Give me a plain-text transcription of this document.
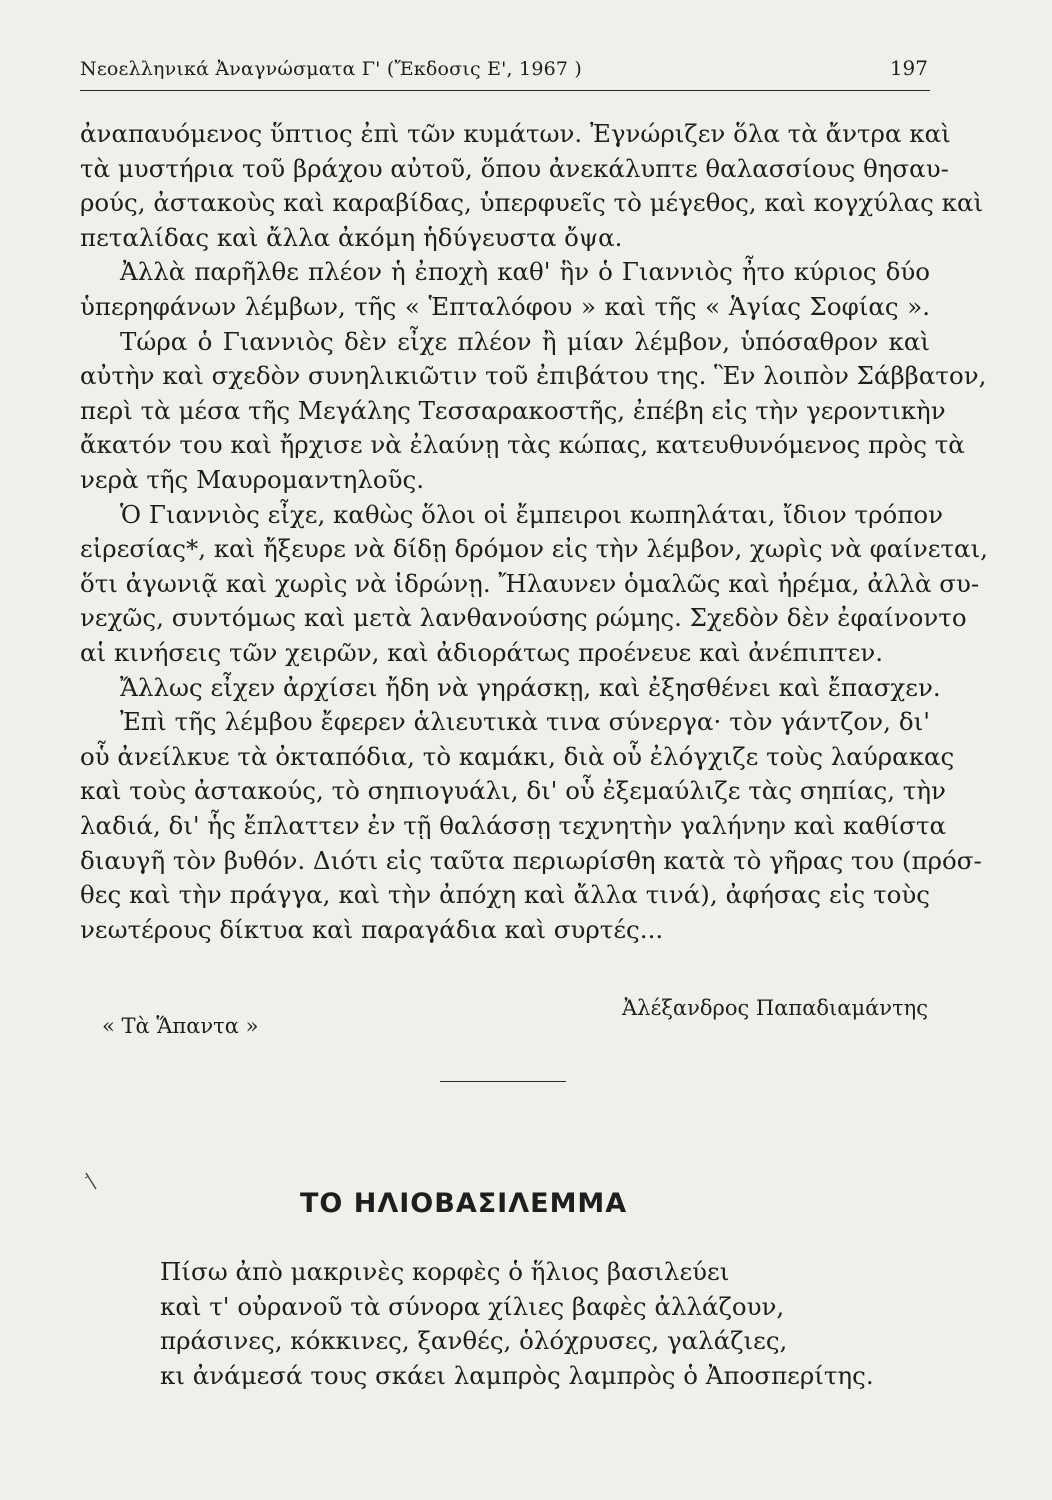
Νεοελληνικά Ἀναγνώσματα Γ' (Ἔκδοσις Ε', 1967 )	197
ἀναπαυόμενος ὕπτιος ἐπὶ τῶν κυμάτων. Ἐγνώριζεν ὅλα τὰ ἄντρα καὶ
τὰ μυστήρια τοῦ βράχου αὐτοῦ, ὅπου ἀνεκάλυπτε θαλασσίους θησαυ-
ρούς, ἀστακοὺς καὶ καραβίδας, ὑπερφυεῖς τὸ μέγεθος, καὶ κογχύλας καὶ
πεταλίδας καὶ ἄλλα ἀκόμη ἡδύγευστα ὄψα.
Ἀλλὰ παρῆλθε πλέον ἡ ἐποχὴ καθ' ἣν ὁ Γιαννιὸς ἦτο κύριος δύο
ὑπερηφάνων λέμβων, τῆς « Ἑπταλόφου » καὶ τῆς « Ἁγίας Σοφίας ».
Τώρα ὁ Γιαννιὸς δὲν εἶχε πλέον ἢ μίαν λέμβον, ὑπόσαθρον καὶ
αὐτὴν καὶ σχεδὸν συνηλικιῶτιν τοῦ ἐπιβάτου της. Ἓν λοιπὸν Σάββατον,
περὶ τὰ μέσα τῆς Μεγάλης Τεσσαρακοστῆς, ἐπέβη εἰς τὴν γεροντικὴν
ἄκατόν του καὶ ἤρχισε νὰ ἐλαύνῃ τὰς κώπας, κατευθυνόμενος πρὸς τὰ
νερὰ τῆς Μαυρομαντηλοῦς.
Ὁ Γιαννιὸς εἶχε, καθὼς ὅλοι οἱ ἔμπειροι κωπηλάται, ἴδιον τρόπον
εἰρεσίας*, καὶ ἤξευρε νὰ δίδῃ δρόμον εἰς τὴν λέμβον, χωρὶς νὰ φαίνεται,
ὅτι ἀγωνιᾷ καὶ χωρὶς νὰ ἱδρώνῃ. Ἤλαυνεν ὁμαλῶς καὶ ἠρέμα, ἀλλὰ συ-
νεχῶς, συντόμως καὶ μετὰ λανθανούσης ρώμης. Σχεδὸν δὲν ἐφαίνοντο
αἱ κινήσεις τῶν χειρῶν, καὶ ἀδιοράτως προένευε καὶ ἀνέπιπτεν.
Ἄλλως εἶχεν ἀρχίσει ἤδη νὰ γηράσκῃ, καὶ ἐξησθένει καὶ ἔπασχεν.
Ἐπὶ τῆς λέμβου ἔφερεν ἁλιευτικὰ τινα σύνεργα· τὸν γάντζον, δι'
οὗ ἀνείλκυε τὰ ὀκταπόδια, τὸ καμάκι, διὰ οὗ ἐλόγχιζε τοὺς λαύρακας
καὶ τοὺς ἀστακούς, τὸ σηπιογυάλι, δι' οὗ ἐξεμαύλιζε τὰς σηπίας, τὴν
λαδιά, δι' ἧς ἔπλαττεν ἐν τῇ θαλάσσῃ τεχνητὴν γαλήνην καὶ καθίστα
διαυγῆ τὸν βυθόν. Διότι εἰς ταῦτα περιωρίσθη κατὰ τὸ γῆρας του (πρόσ-
θες καὶ τὴν πράγγα, καὶ τὴν ἀπόχη καὶ ἄλλα τινά), ἀφήσας εἰς τοὺς
νεωτέρους δίκτυα καὶ παραγάδια καὶ συρτές...
Ἀλέξανδρος Παπαδιαμάντης
« Τὰ Ἅπαντα »
ΤΟ ΗΛΙΟΒΑΣΙΛΕΜΜΑ
Πίσω ἀπὸ μακρινὲς κορφὲς ὁ ἥλιος βασιλεύει
καὶ τ' οὐρανοῦ τὰ σύνορα χίλιες βαφὲς ἀλλάζουν,
πράσινες, κόκκινες, ξανθές, ὁλόχρυσες, γαλάζιες,
κι ἀνάμεσά τους σκάει λαμπρὸς λαμπρὸς ὁ Ἀποσπερίτης.
